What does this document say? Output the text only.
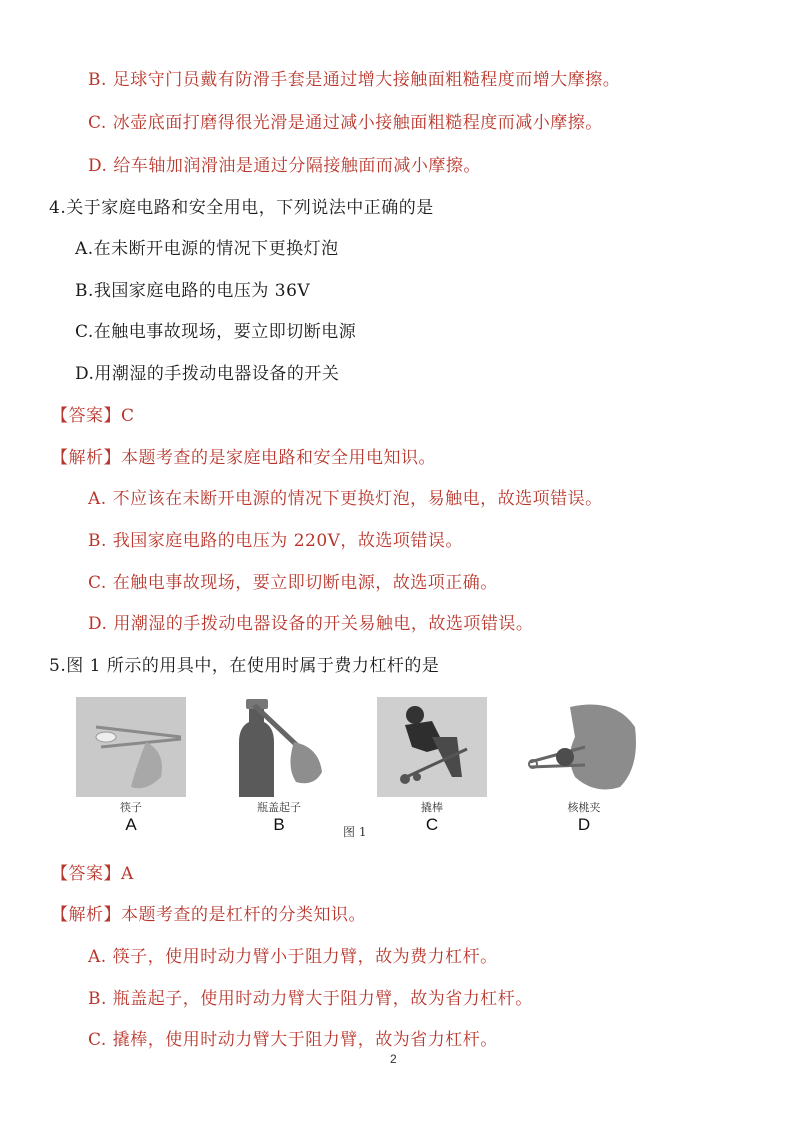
B. 足球守门员戴有防滑手套是通过增大接触面粗糙程度而增大摩擦。
C. 冰壶底面打磨得很光滑是通过减小接触面粗糙程度而减小摩擦。
D. 给车轴加润滑油是通过分隔接触面而减小摩擦。
4.关于家庭电路和安全用电，下列说法中正确的是
A.在未断开电源的情况下更换灯泡
B.我国家庭电路的电压为 36V
C.在触电事故现场，要立即切断电源
D.用潮湿的手拨动电器设备的开关
【答案】C
【解析】本题考查的是家庭电路和安全用电知识。
A. 不应该在未断开电源的情况下更换灯泡，易触电，故选项错误。
B. 我国家庭电路的电压为 220V，故选项错误。
C. 在触电事故现场，要立即切断电源，故选项正确。
D. 用潮湿的手拨动电器设备的开关易触电，故选项错误。
5.图 1 所示的用具中，在使用时属于费力杠杆的是
筷子
A
瓶盖起子
B
撬棒
C
核桃夹
D
图 1
【答案】A
【解析】本题考查的是杠杆的分类知识。
A. 筷子，使用时动力臂小于阻力臂，故为费力杠杆。
B. 瓶盖起子，使用时动力臂大于阻力臂，故为省力杠杆。
C. 撬棒，使用时动力臂大于阻力臂，故为省力杠杆。
2
